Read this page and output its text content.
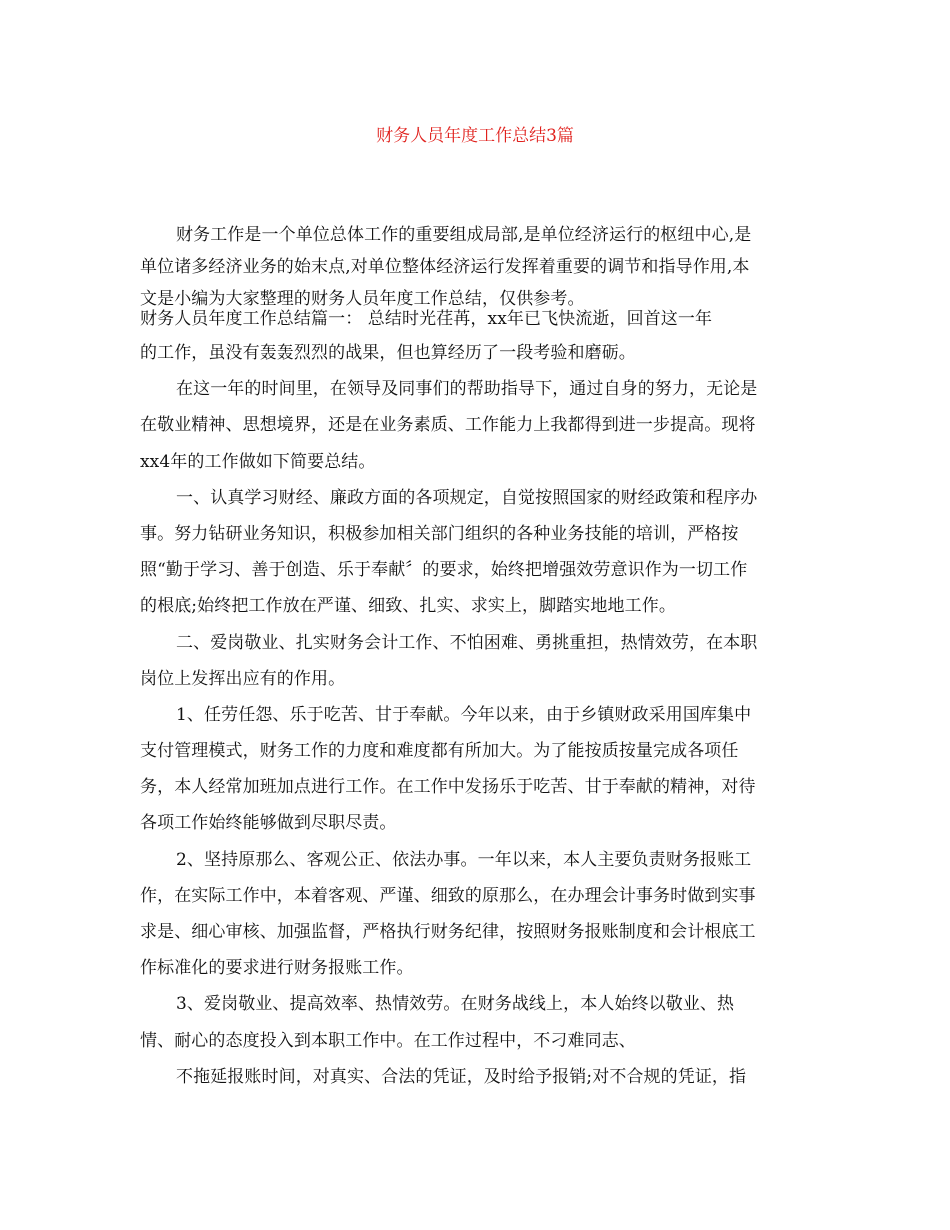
财务人员年度工作总结3篇
财务工作是一个单位总体工作的重要组成局部,是单位经济运行的枢纽中心,是
单位诸多经济业务的始末点,对单位整体经济运行发挥着重要的调节和指导作用,本
文是小编为大家整理的财务人员年度工作总结，仅供参考。
财务人员年度工作总结篇一： 总结时光荏苒，xx年已飞快流逝，回首这一年
的工作，虽没有轰轰烈烈的战果，但也算经历了一段考验和磨砺。
在这一年的时间里，在领导及同事们的帮助指导下，通过自身的努力，无论是
在敬业精神、思想境界，还是在业务素质、工作能力上我都得到进一步提高。现将
xx4年的工作做如下简要总结。
一、认真学习财经、廉政方面的各项规定，自觉按照国家的财经政策和程序办
事。努力钻研业务知识，积极参加相关部门组织的各种业务技能的培训，严格按
照“勤于学习、善于创造、乐于奉献〞的要求，始终把增强效劳意识作为一切工作
的根底;始终把工作放在严谨、细致、扎实、求实上，脚踏实地地工作。
二、爱岗敬业、扎实财务会计工作、不怕困难、勇挑重担，热情效劳，在本职
岗位上发挥出应有的作用。
1、任劳任怨、乐于吃苦、甘于奉献。今年以来，由于乡镇财政采用国库集中
支付管理模式，财务工作的力度和难度都有所加大。为了能按质按量完成各项任
务，本人经常加班加点进行工作。在工作中发扬乐于吃苦、甘于奉献的精神，对待
各项工作始终能够做到尽职尽责。
2、坚持原那么、客观公正、依法办事。一年以来，本人主要负责财务报账工
作，在实际工作中，本着客观、严谨、细致的原那么，在办理会计事务时做到实事
求是、细心审核、加强监督，严格执行财务纪律，按照财务报账制度和会计根底工
作标准化的要求进行财务报账工作。
3、爱岗敬业、提高效率、热情效劳。在财务战线上，本人始终以敬业、热
情、耐心的态度投入到本职工作中。在工作过程中，不刁难同志、
不拖延报账时间，对真实、合法的凭证，及时给予报销;对不合规的凭证，指
